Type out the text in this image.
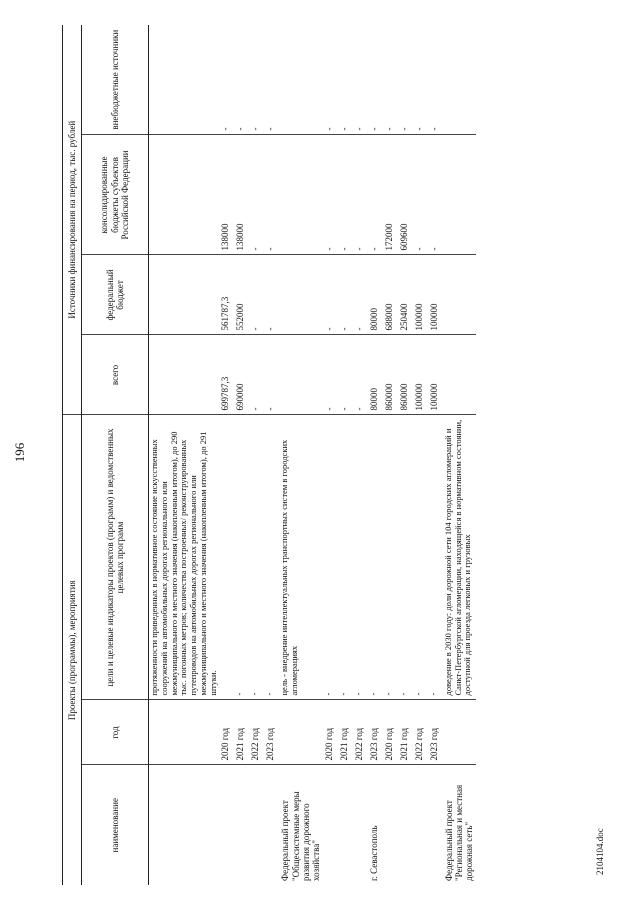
196
Проекты (программы), мероприятия			Источники финансирования на период, тыс. рублей			
наименование	год	цели и целевые индикаторы проектов (программ) и ведомственных целевых программ	всего	федеральный бюджет	консолидированные бюджеты субъектов Российской Федерации	внебюджетные источники
		протяженности приведенных в нормативное состояние искусственных сооружений на автомобильных дорогах регионального или межмуниципального и местного значения (накопленным итогом), до 290 тыс. погонных метров; количества построенных/ реконструированных путепроводов на автомобильных дорогах регионального или межмуниципального и местного значения (накопленным итогом), до 291 штуки.				
	2020 год		699787,3	561787,3	138000	-
	2021 год	-	690000	552000	138000	-
	2022 год	-	-	-	-	-
	2023 год	-	-	-	-	-
Федеральный проект "Общесистемные меры развития дорожного хозяйства"		цель - внедрение интеллектуальных транспортных систем в городских агломерациях				
	2020 год	-	-	-	-	-
	2021 год	-	-	-	-	-
	2022 год	-	-	-	-	-
г. Севастополь	2023 год	-	80000	80000	-	-
	2020 год	-	860000	688000	172000	-
	2021 год	-	860000	250400	609600	-
	2022 год	-	100000	100000	-	-
	2023 год	-	100000	100000	-	-
Федеральный проект "Региональная и местная дорожная сеть"		доведение в 2030 году: доли дорожной сети 104 городских агломераций и Санкт-Петербургской агломерации, находящейся в нормативном состоянии, доступной для проезда легковых и грузовых				
2104104.doc
